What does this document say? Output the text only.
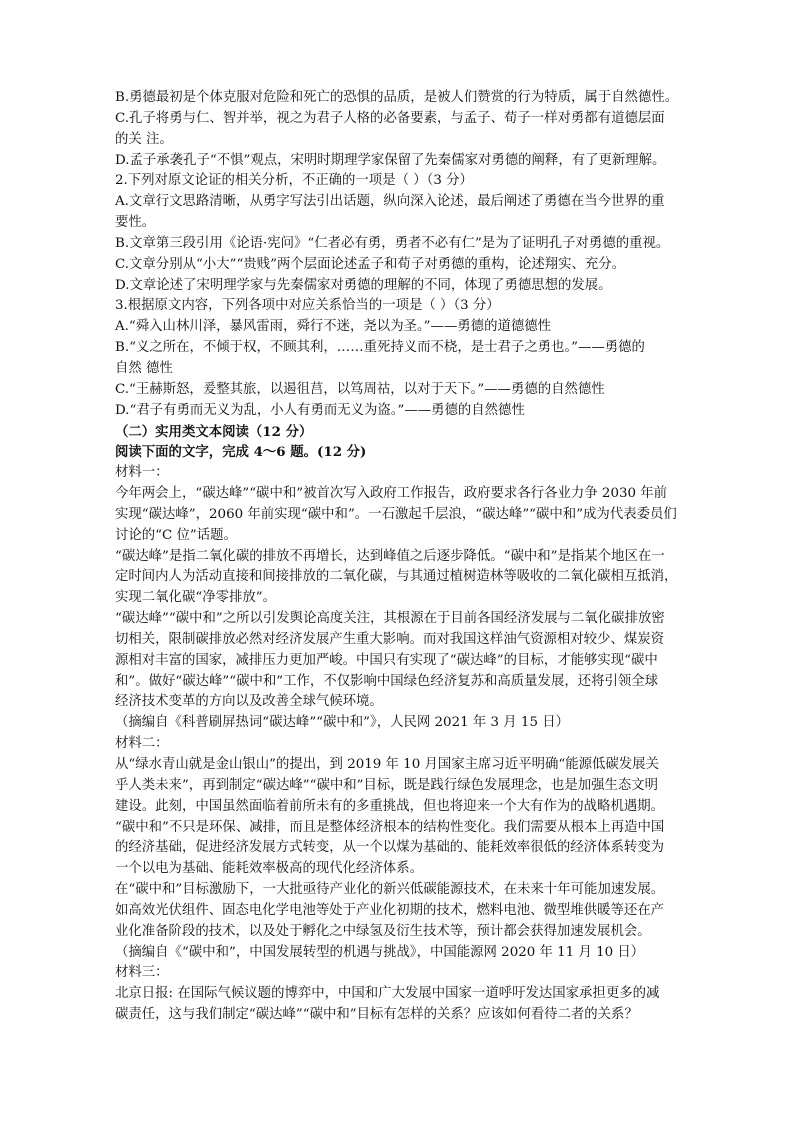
B.勇德最初是个体克服对危险和死亡的恐惧的品质，是被人们赞赏的行为特质，属于自然德性。
C.孔子将勇与仁、智并举，视之为君子人格的必备要素，与孟子、荀子一样对勇都有道德层面
的关 注。
D.孟子承袭孔子“不惧”观点，宋明时期理学家保留了先秦儒家对勇德的阐释，有了更新理解。
2.下列对原文论证的相关分析，不正确的一项是（ ）（3 分）
A.文章行文思路清晰，从勇字写法引出话题，纵向深入论述，最后阐述了勇德在当今世界的重
要性。
B.文章第三段引用《论语·宪问》“仁者必有勇，勇者不必有仁”是为了证明孔子对勇德的重视。
C.文章分别从“小大”“贵贱”两个层面论述孟子和荀子对勇德的重构，论述翔实、充分。
D.文章论述了宋明理学家与先秦儒家对勇德的理解的不同，体现了勇德思想的发展。
3.根据原文内容，下列各项中对应关系恰当的一项是（ ）（3 分）
A.“舜入山林川泽，暴风雷雨，舜行不迷，尧以为圣。”——勇德的道德德性
B.“义之所在，不倾于权，不顾其利，……重死持义而不桡，是士君子之勇也。”——勇德的
自然 德性
C.“王赫斯怒，爰整其旅，以遏徂莒，以笃周祜，以对于天下。”——勇德的自然德性
D.“君子有勇而无义为乱，小人有勇而无义为盗。”——勇德的自然德性
（二）实用类文本阅读（12 分）
阅读下面的文字，完成 4～6 题。(12 分)
材料一：
今年两会上，“碳达峰”“碳中和”被首次写入政府工作报告，政府要求各行各业力争 2030 年前
实现“碳达峰”，2060 年前实现“碳中和”。一石激起千层浪，“碳达峰”“碳中和”成为代表委员们
讨论的“C 位”话题。
“碳达峰”是指二氧化碳的排放不再增长，达到峰值之后逐步降低。“碳中和”是指某个地区在一
定时间内人为活动直接和间接排放的二氧化碳，与其通过植树造林等吸收的二氧化碳相互抵消，
实现二氧化碳“净零排放”。
“碳达峰”“碳中和”之所以引发舆论高度关注，其根源在于目前各国经济发展与二氧化碳排放密
切相关，限制碳排放必然对经济发展产生重大影响。而对我国这样油气资源相对较少、煤炭资
源相对丰富的国家，减排压力更加严峻。中国只有实现了“碳达峰”的目标，才能够实现“碳中
和”。做好“碳达峰”“碳中和”工作，不仅影响中国绿色经济复苏和高质量发展，还将引领全球
经济技术变革的方向以及改善全球气候环境。
（摘编自《科普刷屏热词“碳达峰”“碳中和”》，人民网 2021 年 3 月 15 日）
材料二：
从“绿水青山就是金山银山”的提出，到 2019 年 10 月国家主席习近平明确“能源低碳发展关
乎人类未来”，再到制定“碳达峰”“碳中和”目标，既是践行绿色发展理念，也是加强生态文明
建设。此刻，中国虽然面临着前所未有的多重挑战，但也将迎来一个大有作为的战略机遇期。
“碳中和”不只是环保、减排，而且是整体经济根本的结构性变化。我们需要从根本上再造中国
的经济基础，促进经济发展方式转变，从一个以煤为基础的、能耗效率很低的经济体系转变为
一个以电为基础、能耗效率极高的现代化经济体系。
在“碳中和”目标激励下，一大批亟待产业化的新兴低碳能源技术，在未来十年可能加速发展。
如高效光伏组件、固态电化学电池等处于产业化初期的技术，燃料电池、微型堆供暖等还在产
业化准备阶段的技术，以及处于孵化之中绿氢及衍生技术等，预计都会获得加速发展机会。
（摘编自《“碳中和”，中国发展转型的机遇与挑战》，中国能源网 2020 年 11 月 10 日）
材料三：
北京日报: 在国际气候议题的博弈中，中国和广大发展中国家一道呼吁发达国家承担更多的减
碳责任，这与我们制定“碳达峰”“碳中和”目标有怎样的关系？应该如何看待二者的关系？
